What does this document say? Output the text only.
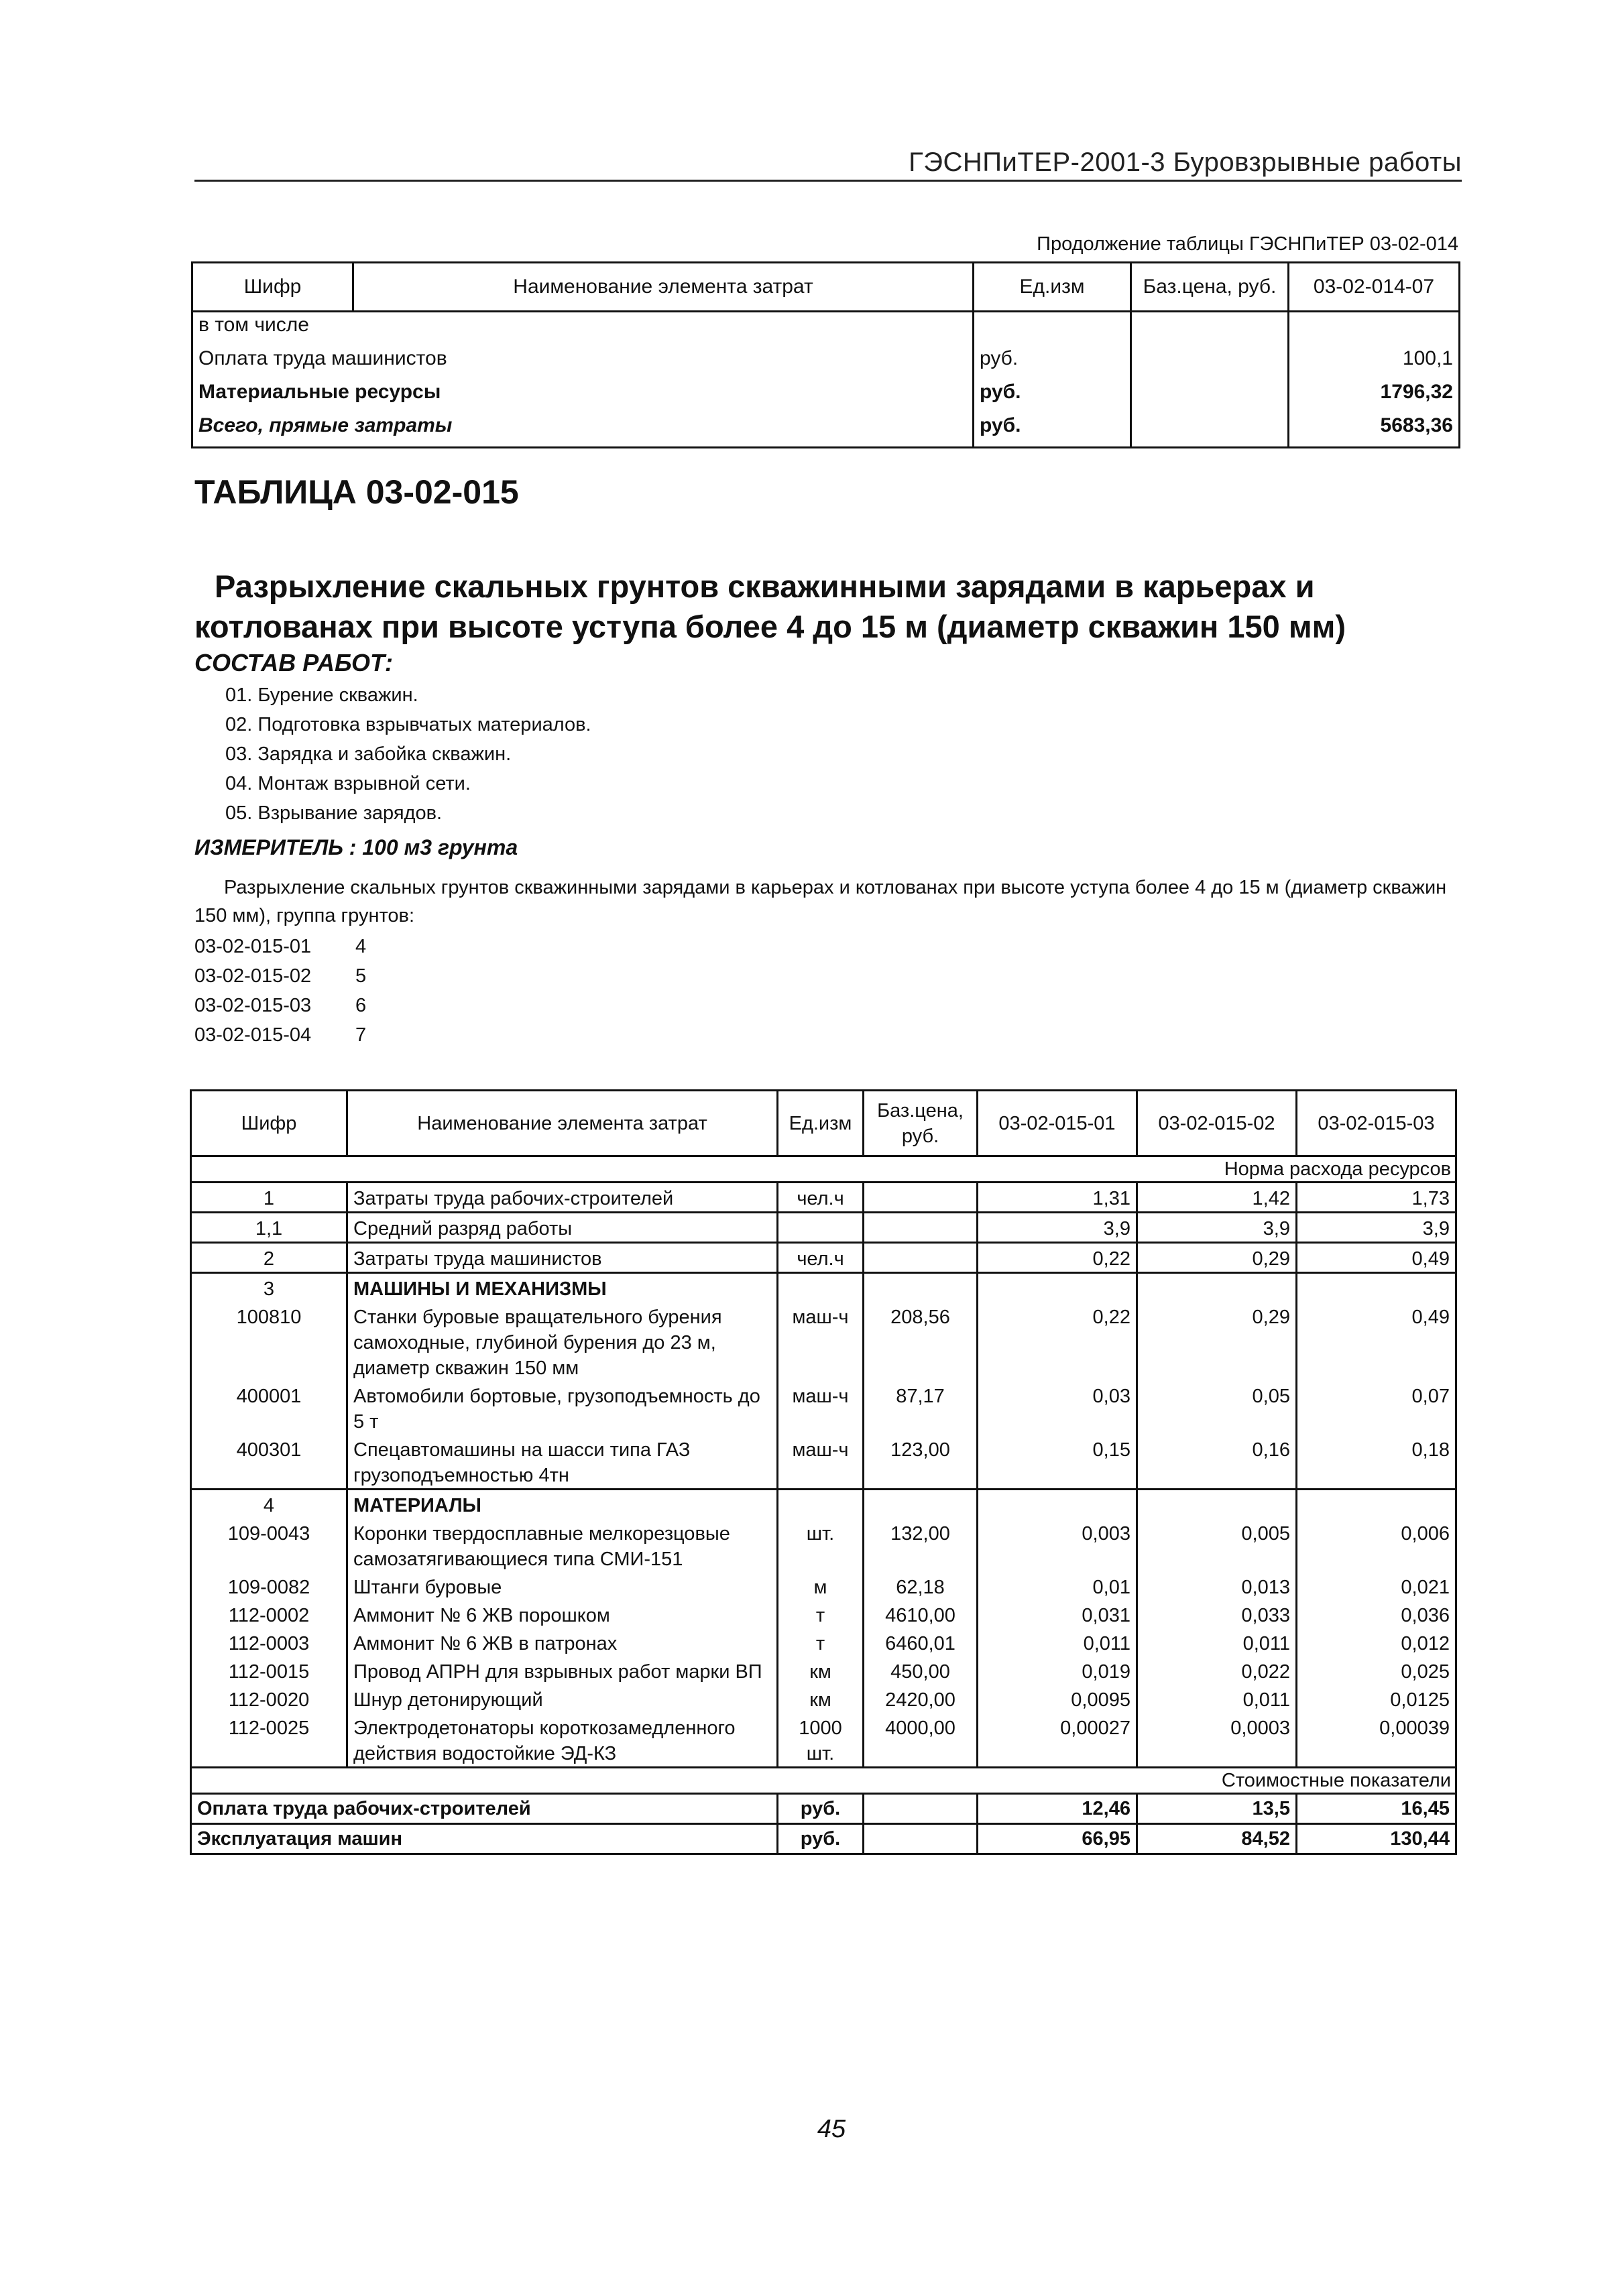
ГЭСНПиТЕР-2001-3 Буровзрывные работы
Продолжение таблицы ГЭСНПиТЕР 03-02-014
Шифр	Наименование элемента затрат	Ед.изм	Баз.цена, руб.	03-02-014-07
в том числе				
Оплата труда машинистов		руб.		100,1
Материальные ресурсы		руб.		1796,32
Всего, прямые затраты		руб.		5683,36
ТАБЛИЦА 03-02-015
Разрыхление скальных грунтов скважинными зарядами в карьерах и
котлованах при высоте уступа более 4 до 15 м (диаметр скважин 150 мм)
СОСТАВ РАБОТ:
01. Бурение скважин.
02. Подготовка взрывчатых материалов.
03. Зарядка и забойка скважин.
04. Монтаж взрывной сети.
05. Взрывание зарядов.
ИЗМЕРИТЕЛЬ : 100 м3 грунта
Разрыхление скальных грунтов скважинными зарядами в карьерах и котлованах при высоте уступа более 4 до 15 м (диаметр скважин 150 мм), группа грунтов:
03-02-015-01 4
03-02-015-02 5
03-02-015-03 6
03-02-015-04 7
Шифр	Наименование элемента затрат	Ед.изм	Баз.цена, руб.	03-02-015-01	03-02-015-02	03-02-015-03
Норма расхода ресурсов						
1	Затраты труда рабочих-строителей	чел.ч		1,31	1,42	1,73
1,1	Средний разряд работы			3,9	3,9	3,9
2	Затраты труда машинистов	чел.ч		0,22	0,29	0,49
3	МАШИНЫ И МЕХАНИЗМЫ					
100810	Станки буровые вращательного бурения самоходные, глубиной бурения до 23 м, диаметр скважин 150 мм	маш-ч	208,56	0,22	0,29	0,49
400001	Автомобили бортовые, грузоподъемность до 5 т	маш-ч	87,17	0,03	0,05	0,07
400301	Спецавтомашины на шасси типа ГАЗ грузоподъемностью 4тн	маш-ч	123,00	0,15	0,16	0,18
4	МАТЕРИАЛЫ					
109-0043	Коронки твердосплавные мелкорезцовые самозатягивающиеся типа СМИ-151	шт.	132,00	0,003	0,005	0,006
109-0082	Штанги буровые	м	62,18	0,01	0,013	0,021
112-0002	Аммонит № 6 ЖВ порошком	т	4610,00	0,031	0,033	0,036
112-0003	Аммонит № 6 ЖВ в патронах	т	6460,01	0,011	0,011	0,012
112-0015	Провод АПРН для взрывных работ марки ВП	км	450,00	0,019	0,022	0,025
112-0020	Шнур детонирующий	км	2420,00	0,0095	0,011	0,0125
112-0025	Электродетонаторы короткозамедленного действия водостойкие ЭД-КЗ	1000 шт.	4000,00	0,00027	0,0003	0,00039
Стоимостные показатели						
Оплата труда рабочих-строителей		руб.		12,46	13,5	16,45
Эксплуатация машин		руб.		66,95	84,52	130,44
45
